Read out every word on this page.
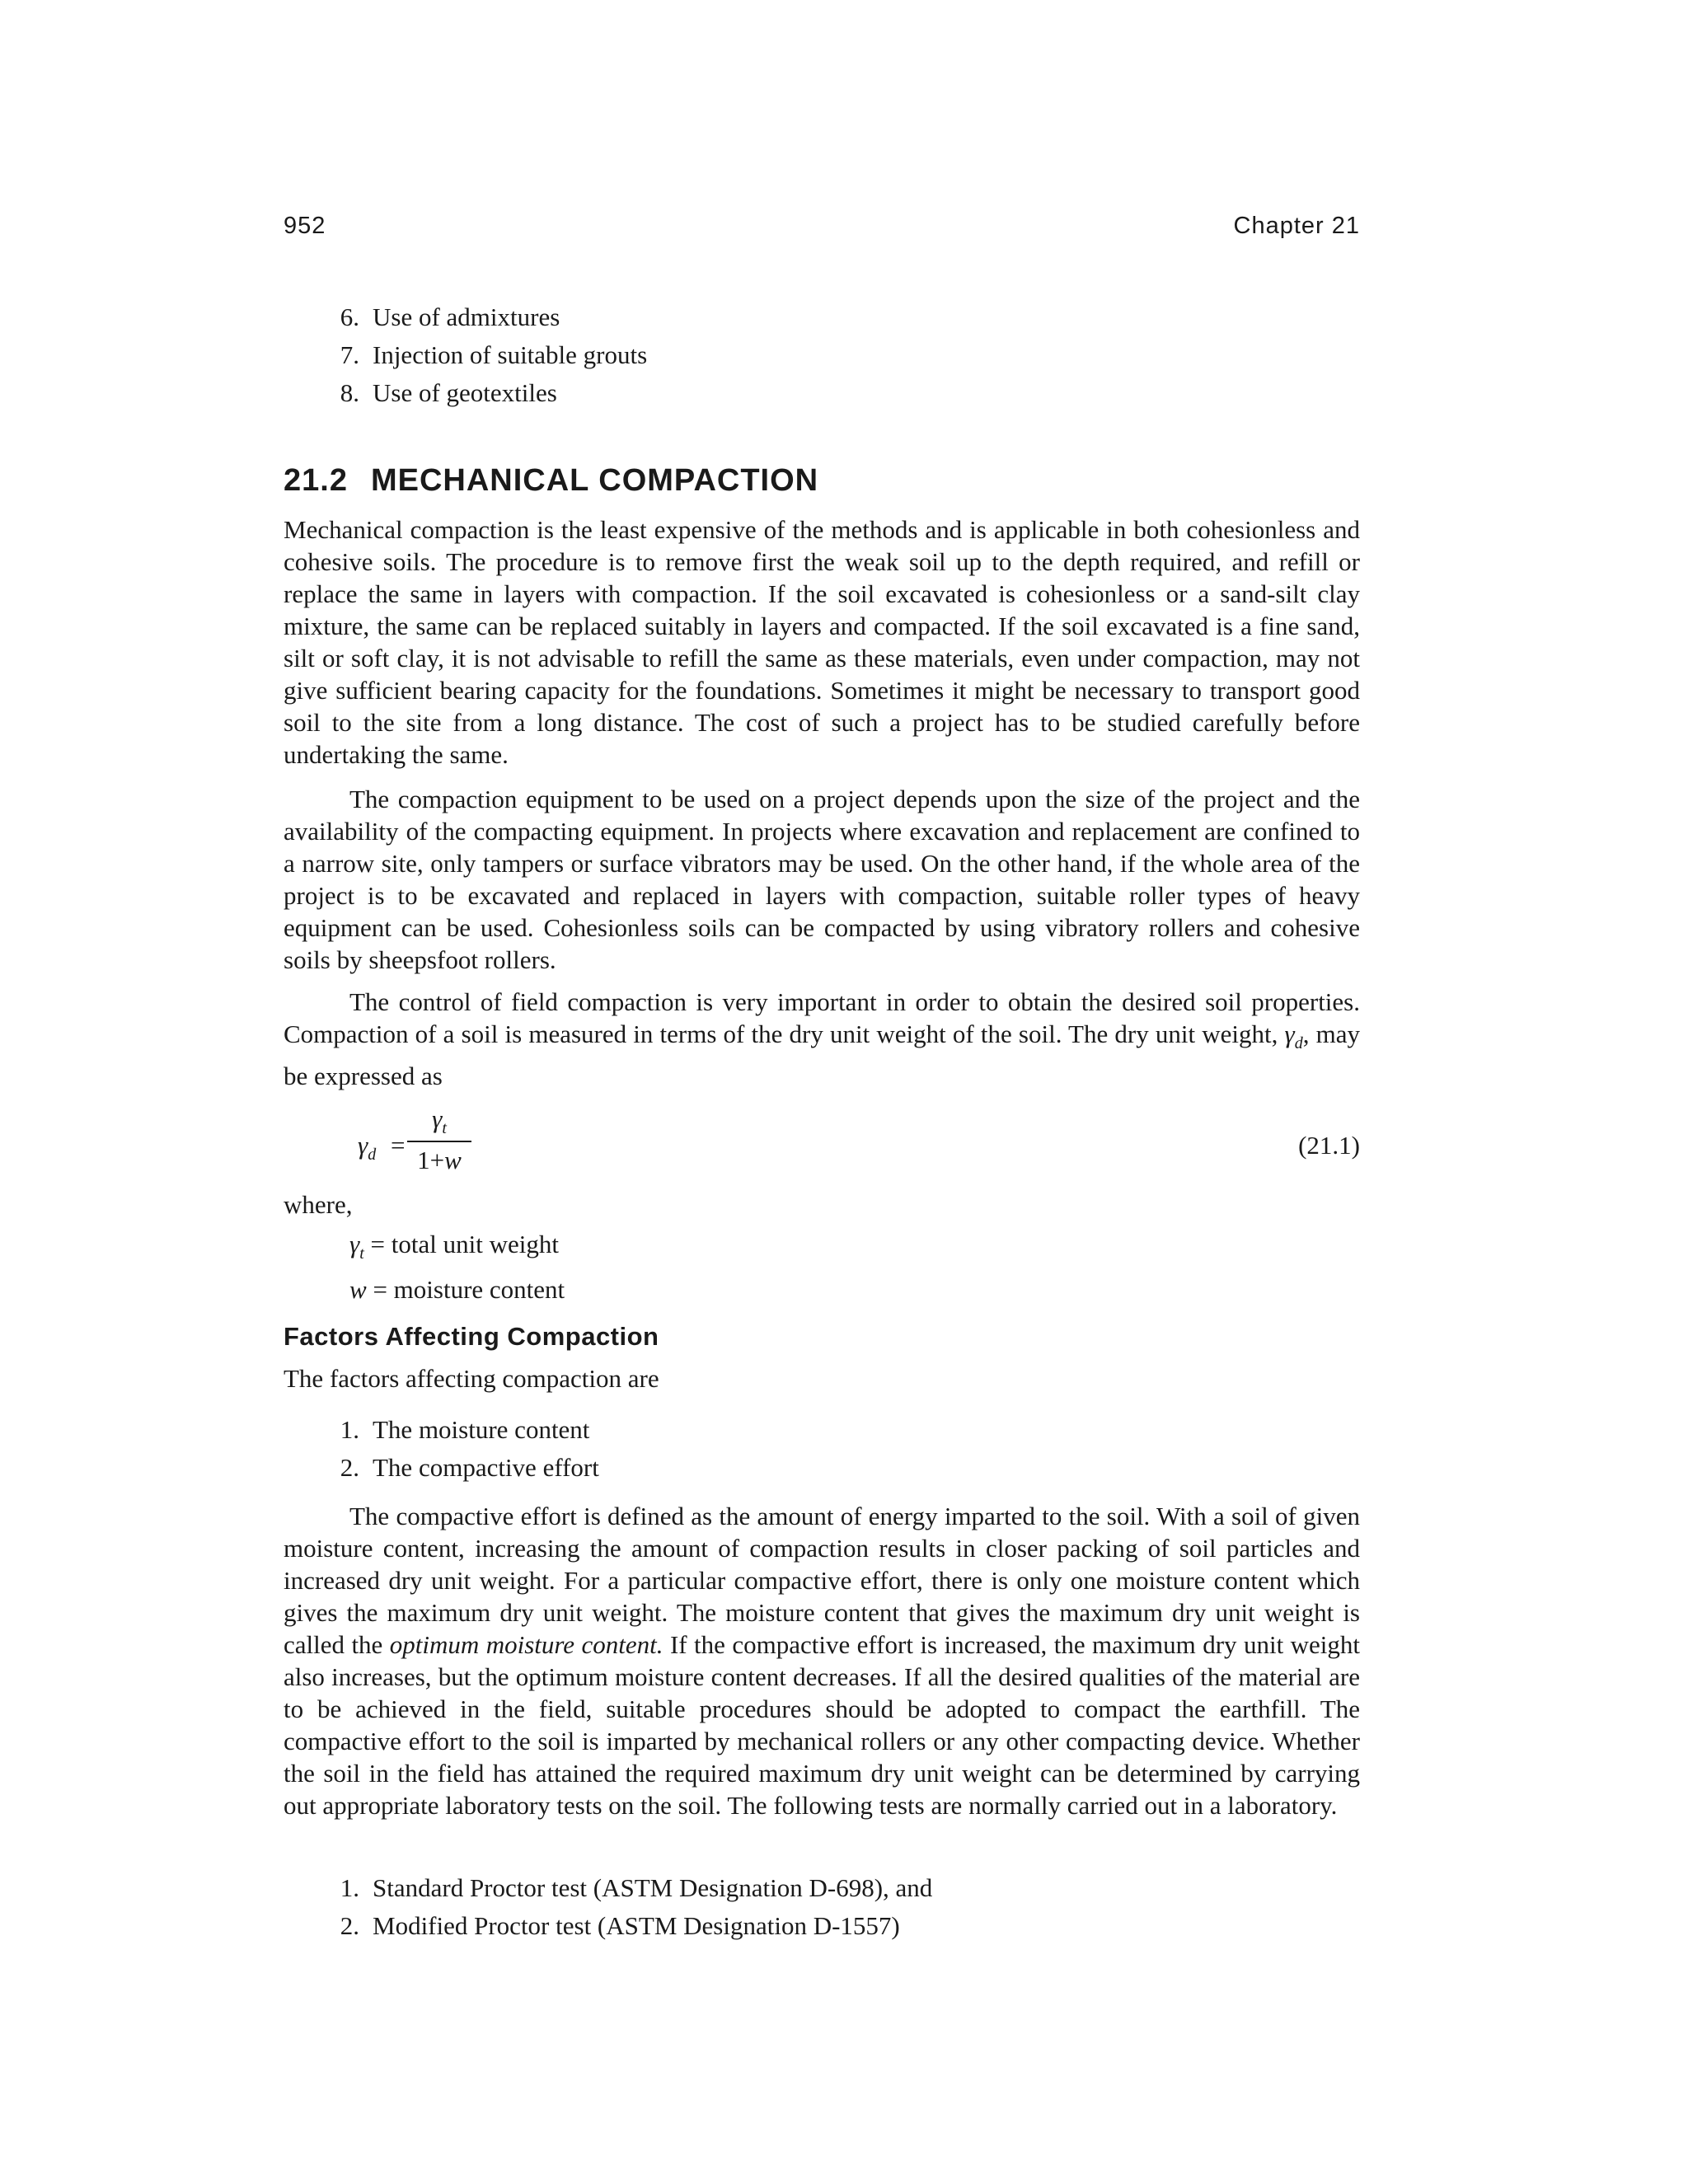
952	Chapter 21
6. Use of admixtures
7. Injection of suitable grouts
8. Use of geotextiles
21.2 MECHANICAL COMPACTION

Mechanical compaction is the least expensive of the methods and is applicable in both cohesionless and cohesive soils. The procedure is to remove first the weak soil up to the depth required, and refill or replace the same in layers with compaction. If the soil excavated is cohesionless or a sand-silt clay mixture, the same can be replaced suitably in layers and compacted. If the soil excavated is a fine sand, silt or soft clay, it is not advisable to refill the same as these materials, even under compaction, may not give sufficient bearing capacity for the foundations. Sometimes it might be necessary to transport good soil to the site from a long distance. The cost of such a project has to be studied carefully before undertaking the same.

The compaction equipment to be used on a project depends upon the size of the project and the availability of the compacting equipment. In projects where excavation and replacement are confined to a narrow site, only tampers or surface vibrators may be used. On the other hand, if the whole area of the project is to be excavated and replaced in layers with compaction, suitable roller types of heavy equipment can be used. Cohesionless soils can be compacted by using vibratory rollers and cohesive soils by sheepsfoot rollers.

The control of field compaction is very important in order to obtain the desired soil properties. Compaction of a soil is measured in terms of the dry unit weight of the soil. The dry unit weight, $\gamma_d$, may be expressed as

$\gamma_d$ =
$\gamma_t$
1+w
(21.1)
where,
$\gamma_t$ = total unit weight
w = moisture content
Factors Affecting Compaction

The factors affecting compaction are

1. The moisture content
2. The compactive effort

The compactive effort is defined as the amount of energy imparted to the soil. With a soil of given moisture content, increasing the amount of compaction results in closer packing of soil particles and increased dry unit weight. For a particular compactive effort, there is only one moisture content which gives the maximum dry unit weight. The moisture content that gives the maximum dry unit weight is called the optimum moisture content. If the compactive effort is increased, the maximum dry unit weight also increases, but the optimum moisture content decreases. If all the desired qualities of the material are to be achieved in the field, suitable procedures should be adopted to compact the earthfill. The compactive effort to the soil is imparted by mechanical rollers or any other compacting device. Whether the soil in the field has attained the required maximum dry unit weight can be determined by carrying out appropriate laboratory tests on the soil. The following tests are normally carried out in a laboratory.

1. Standard Proctor test (ASTM Designation D-698), and
2. Modified Proctor test (ASTM Designation D-1557)
